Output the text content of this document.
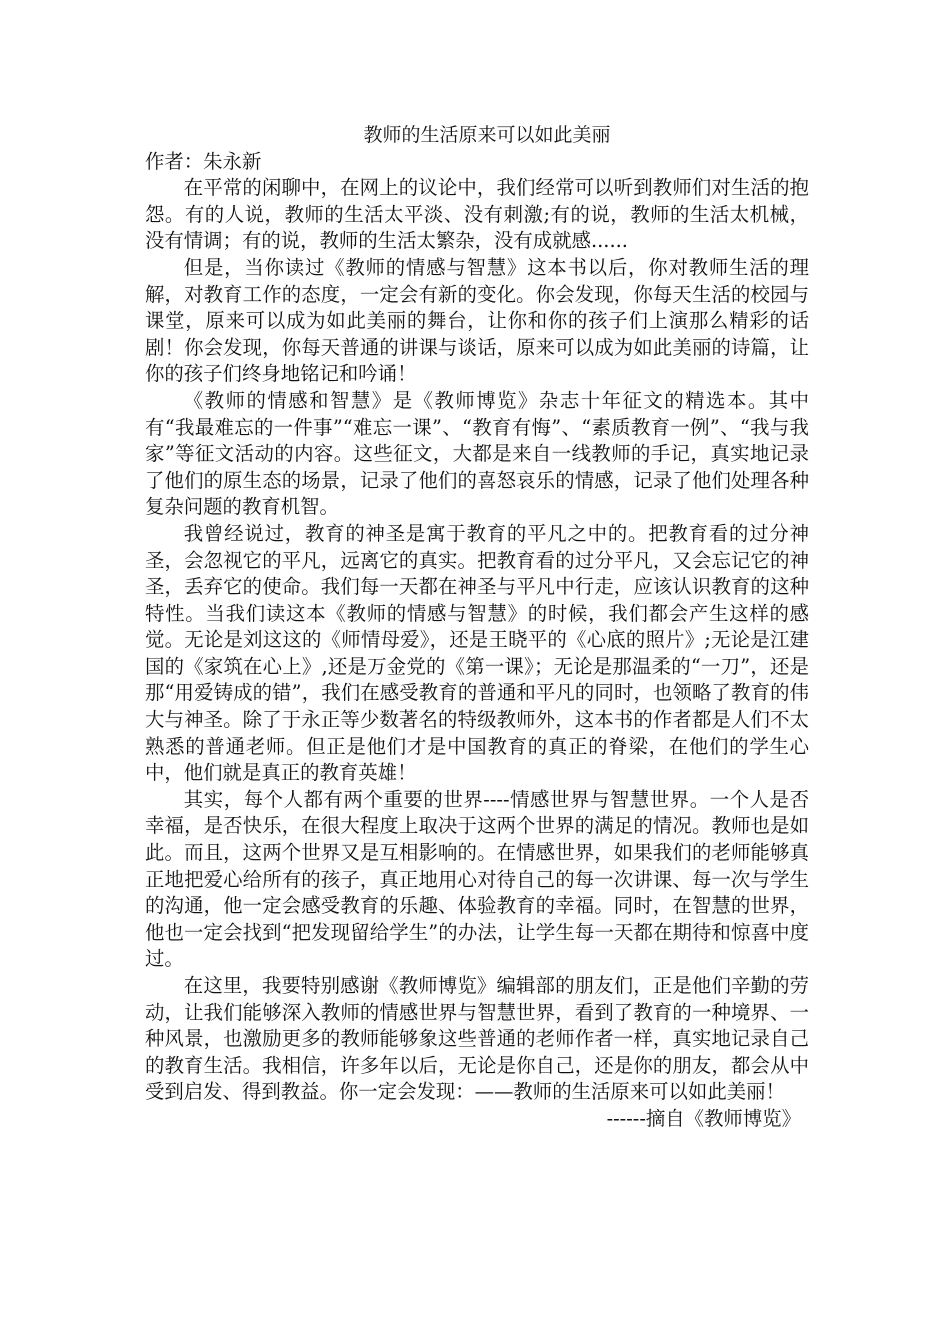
教师的生活原来可以如此美丽

作者：朱永新

在平常的闲聊中，在网上的议论中，我们经常可以听到教师们对生活的抱怨。有的人说，教师的生活太平淡、没有刺激;有的说，教师的生活太机械，没有情调；有的说，教师的生活太繁杂，没有成就感......

但是，当你读过《教师的情感与智慧》这本书以后，你对教师生活的理解，对教育工作的态度，一定会有新的变化。你会发现，你每天生活的校园与课堂，原来可以成为如此美丽的舞台，让你和你的孩子们上演那么精彩的话剧！你会发现，你每天普通的讲课与谈话，原来可以成为如此美丽的诗篇，让你的孩子们终身地铭记和吟诵！

《教师的情感和智慧》是《教师博览》杂志十年征文的精选本。其中有“我最难忘的一件事”“难忘一课”、“教育有悔”、“素质教育一例”、“我与我家”等征文活动的内容。这些征文，大都是来自一线教师的手记，真实地记录了他们的原生态的场景，记录了他们的喜怒哀乐的情感，记录了他们处理各种复杂问题的教育机智。

我曾经说过，教育的神圣是寓于教育的平凡之中的。把教育看的过分神圣，会忽视它的平凡，远离它的真实。把教育看的过分平凡，又会忘记它的神圣，丢弃它的使命。我们每一天都在神圣与平凡中行走，应该认识教育的这种特性。当我们读这本《教师的情感与智慧》的时候，我们都会产生这样的感觉。无论是刘这这的《师情母爱》，还是王晓平的《心底的照片》;无论是江建国的《家筑在心上》,还是万金党的《第一课》；无论是那温柔的“一刀”，还是那“用爱铸成的错”，我们在感受教育的普通和平凡的同时，也领略了教育的伟大与神圣。除了于永正等少数著名的特级教师外，这本书的作者都是人们不太熟悉的普通老师。但正是他们才是中国教育的真正的脊梁，在他们的学生心中，他们就是真正的教育英雄！

其实，每个人都有两个重要的世界----情感世界与智慧世界。一个人是否幸福，是否快乐，在很大程度上取决于这两个世界的满足的情况。教师也是如此。而且，这两个世界又是互相影响的。在情感世界，如果我们的老师能够真正地把爱心给所有的孩子，真正地用心对待自己的每一次讲课、每一次与学生的沟通，他一定会感受教育的乐趣、体验教育的幸福。同时，在智慧的世界，他也一定会找到“把发现留给学生”的办法，让学生每一天都在期待和惊喜中度过。

在这里，我要特别感谢《教师博览》编辑部的朋友们，正是他们辛勤的劳动，让我们能够深入教师的情感世界与智慧世界，看到了教育的一种境界、一种风景，也激励更多的教师能够象这些普通的老师作者一样，真实地记录自己的教育生活。我相信，许多年以后，无论是你自己，还是你的朋友，都会从中受到启发、得到教益。你一定会发现：——教师的生活原来可以如此美丽！

------摘自《教师博览》
